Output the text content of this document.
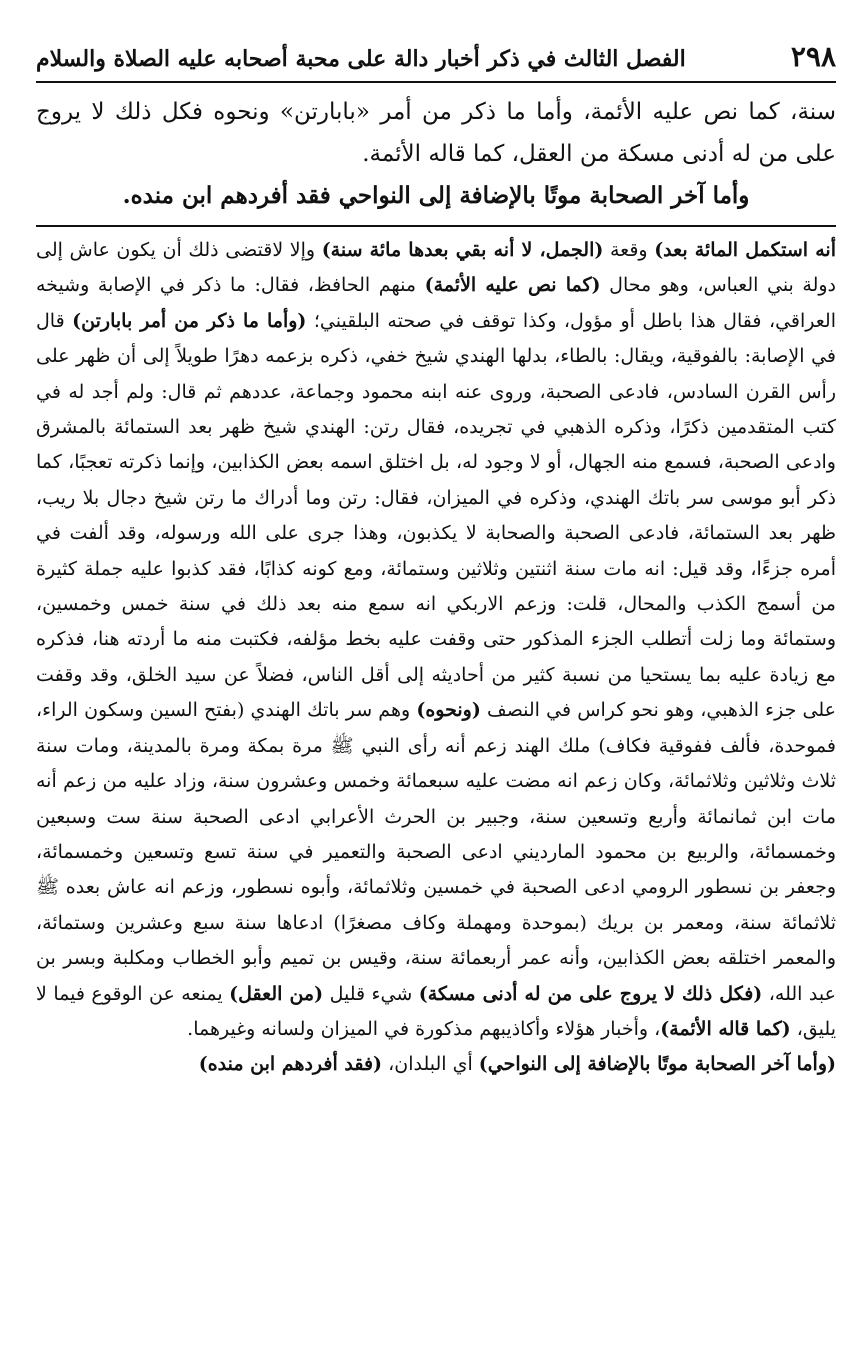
٢٩٨
الفصل الثالث في ذكر أخبار دالة على محبة أصحابه عليه الصلاة والسلام

سنة، كما نص عليه الأئمة، وأما ما ذكر من أمر «بابارتن» ونحوه فكل ذلك لا يروج على من له أدنى مسكة من العقل، كما قاله الأئمة.

وأما آخر الصحابة موتًا بالإضافة إلى النواحي فقد أفردهم ابن منده.

أنه استكمل المائة بعد) وقعة (الجمل، لا أنه بقي بعدها مائة سنة) وإلا لاقتضى ذلك أن يكون عاش إلى دولة بني العباس، وهو محال (كما نص عليه الأئمة) منهم الحافظ، فقال: ما ذكر في الإصابة وشيخه العراقي، فقال هذا باطل أو مؤول، وكذا توقف في صحته البلقيني؛ (وأما ما ذكر من أمر بابارتن) قال في الإصابة: بالفوقية، ويقال: بالطاء، بدلها الهندي شيخ خفي، ذكره بزعمه دهرًا طويلاً إلى أن ظهر على رأس القرن السادس، فادعى الصحبة، وروى عنه ابنه محمود وجماعة، عددهم ثم قال: ولم أجد له في كتب المتقدمين ذكرًا، وذكره الذهبي في تجريده، فقال رتن: الهندي شيخ ظهر بعد الستمائة بالمشرق وادعى الصحبة، فسمع منه الجهال، أو لا وجود له، بل اختلق اسمه بعض الكذابين، وإنما ذكرته تعجبًا، كما ذكر أبو موسى سر باتك الهندي، وذكره في الميزان، فقال: رتن وما أدراك ما رتن شيخ دجال بلا ريب، ظهر بعد الستمائة، فادعى الصحبة والصحابة لا يكذبون، وهذا جرى على الله ورسوله، وقد ألفت في أمره جزءًا، وقد قيل: انه مات سنة اثنتين وثلاثين وستمائة، ومع كونه كذابًا، فقد كذبوا عليه جملة كثيرة من أسمج الكذب والمحال، قلت: وزعم الاربكي انه سمع منه بعد ذلك في سنة خمس وخمسين، وستمائة وما زلت أتطلب الجزء المذكور حتى وقفت عليه بخط مؤلفه، فكتبت منه ما أردته هنا، فذكره مع زيادة عليه بما يستحيا من نسبة كثير من أحاديثه إلى أقل الناس، فضلاً عن سيد الخلق، وقد وقفت على جزء الذهبي، وهو نحو كراس في النصف (ونحوه) وهم سر باتك الهندي (بفتح السين وسكون الراء، فموحدة، فألف ففوقية فكاف) ملك الهند زعم أنه رأى النبي ﷺ مرة بمكة ومرة بالمدينة، ومات سنة ثلاث وثلاثين وثلاثمائة، وكان زعم انه مضت عليه سبعمائة وخمس وعشرون سنة، وزاد عليه من زعم أنه مات ابن ثمانمائة وأربع وتسعين سنة، وجبير بن الحرث الأعرابي ادعى الصحبة سنة ست وسبعين وخمسمائة، والربيع بن محمود المارديني ادعى الصحبة والتعمير في سنة تسع وتسعين وخمسمائة، وجعفر بن نسطور الرومي ادعى الصحبة في خمسين وثلاثمائة، وأبوه نسطور، وزعم انه عاش بعده ﷺ ثلاثمائة سنة، ومعمر بن بريك (بموحدة ومهملة وكاف مصغرًا) ادعاها سنة سبع وعشرين وستمائة، والمعمر اختلقه بعض الكذابين، وأنه عمر أربعمائة سنة، وقيس بن تميم وأبو الخطاب ومكلبة وبسر بن عبد الله، (فكل ذلك لا يروج على من له أدنى مسكة) شيء قليل (من العقل) يمنعه عن الوقوع فيما لا يليق، (كما قاله الأئمة)، وأخبار هؤلاء وأكاذيبهم مذكورة في الميزان ولسانه وغيرهما.

(وأما آخر الصحابة موتًا بالإضافة إلى النواحي) أي البلدان، (فقد أفردهم ابن منده)
